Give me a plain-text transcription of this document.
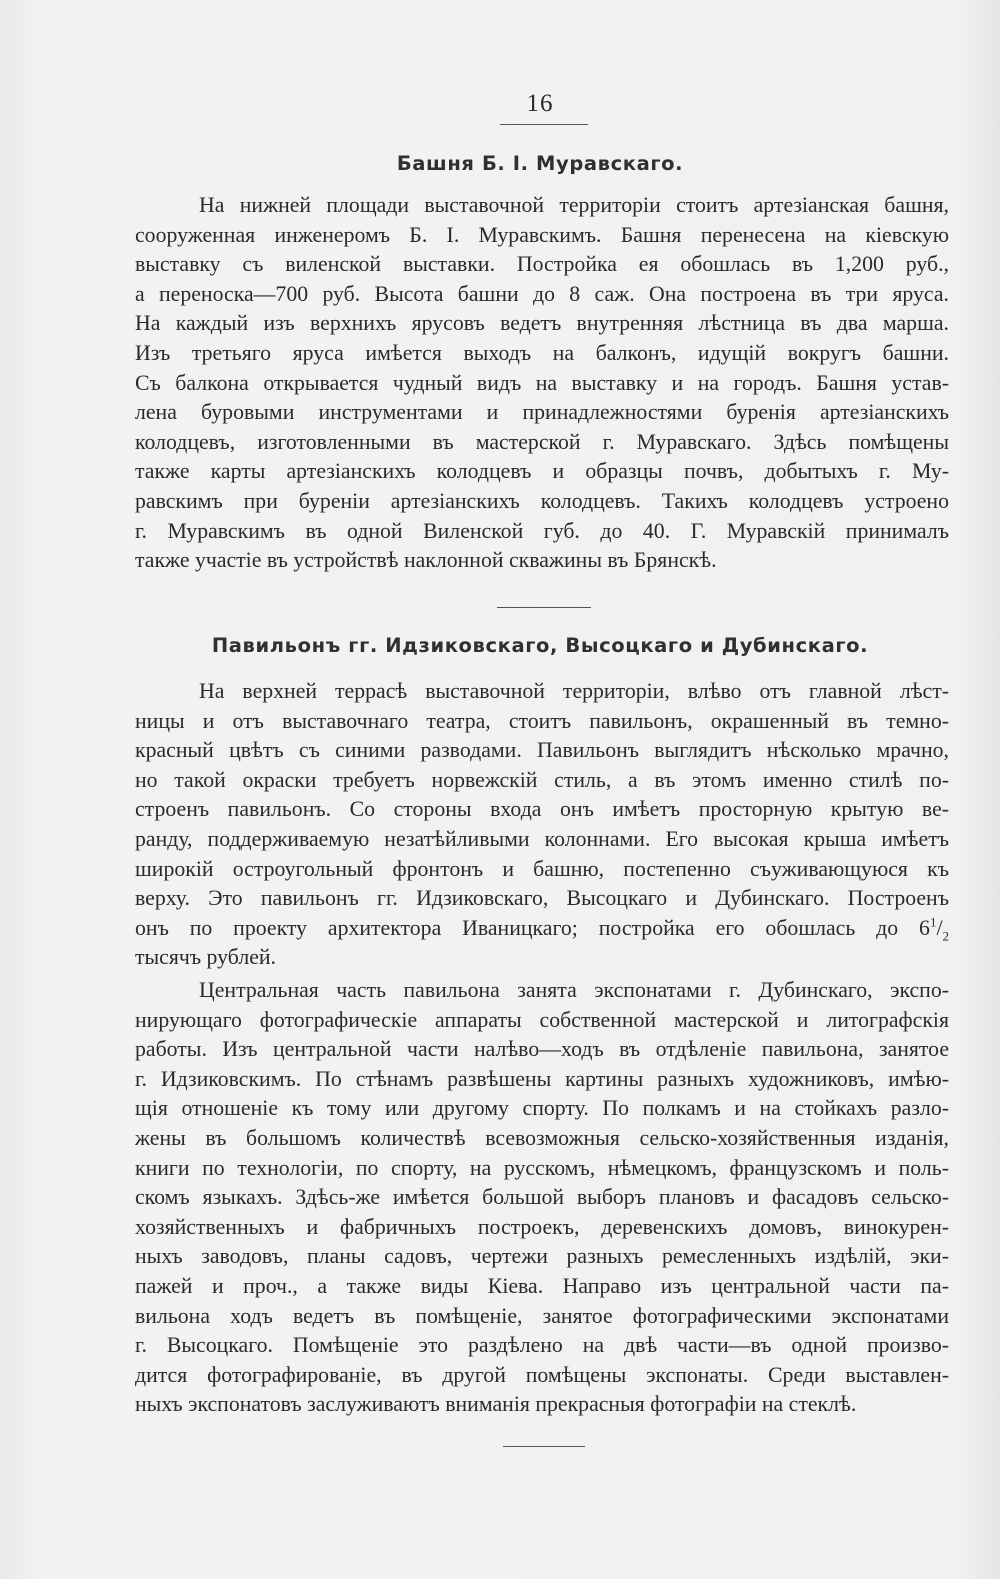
16
Башня Б. I. Муравскаго.
На нижней площади выставочной территорiи стоитъ артезiанская башня,
сооруженная инженеромъ Б. I. Муравскимъ. Башня перенесена на кiевскую
выставку съ виленской выставки. Постройка ея обошлась въ 1,200 руб.,
а переноска—700 руб. Высота башни до 8 саж. Она построена въ три яруса.
На каждый изъ верхнихъ ярусовъ ведетъ внутренняя лѣстница въ два марша.
Изъ третьяго яруса имѣется выходъ на балконъ, идущiй вокругъ башни.
Съ балкона открывается чудный видъ на выставку и на городъ. Башня устав-
лена буровыми инструментами и принадлежностями буренiя артезiанскихъ
колодцевъ, изготовленными въ мастерской г. Муравскаго. Здѣсь помѣщены
также карты артезiанскихъ колодцевъ и образцы почвъ, добытыхъ г. Му-
равскимъ при буренiи артезiанскихъ колодцевъ. Такихъ колодцевъ устроено
г. Муравскимъ въ одной Виленской губ. до 40. Г. Муравскiй принималъ
также участiе въ устройствѣ наклонной скважины въ Брянскѣ.
Павильонъ гг. Идзиковскаго, Высоцкаго и Дубинскаго.
На верхней террасѣ выставочной территорiи, влѣво отъ главной лѣст-
ницы и отъ выставочнаго театра, стоитъ павильонъ, окрашенный въ темно-
красный цвѣтъ съ синими разводами. Павильонъ выглядитъ нѣсколько мрачно,
но такой окраски требуетъ норвежскiй стиль, а въ этомъ именно стилѣ по-
строенъ павильонъ. Со стороны входа онъ имѣетъ просторную крытую ве-
ранду, поддерживаемую незатѣйливыми колоннами. Его высокая крыша имѣетъ
широкiй остроугольный фронтонъ и башню, постепенно съуживающуюся къ
верху. Это павильонъ гг. Идзиковскаго, Высоцкаго и Дубинскаго. Построенъ
онъ по проекту архитектора Иваницкаго; постройка его обошлась до $6^1/_2$
тысячъ рублей.
Центральная часть павильона занята экспонатами г. Дубинскаго, экспо-
нирующаго фотографическiе аппараты собственной мастерской и литографскiя
работы. Изъ центральной части налѣво—ходъ въ отдѣленiе павильона, занятое
г. Идзиковскимъ. По стѣнамъ развѣшены картины разныхъ художниковъ, имѣю-
щiя отношенiе къ тому или другому спорту. По полкамъ и на стойкахъ разло-
жены въ большомъ количествѣ всевозможныя сельско-хозяйственныя изданiя,
книги по технологiи, по спорту, на русскомъ, нѣмецкомъ, французскомъ и поль-
скомъ языкахъ. Здѣсь-же имѣется большой выборъ плановъ и фасадовъ сельско-
хозяйственныхъ и фабричныхъ построекъ, деревенскихъ домовъ, винокурен-
ныхъ заводовъ, планы садовъ, чертежи разныхъ ремесленныхъ издѣлiй, эки-
пажей и проч., а также виды Кiева. Направо изъ центральной части па-
вильона ходъ ведетъ въ помѣщенiе, занятое фотографическими экспонатами
г. Высоцкаго. Помѣщенiе это раздѣлено на двѣ части—въ одной произво-
дится фотографированiе, въ другой помѣщены экспонаты. Среди выставлен-
ныхъ экспонатовъ заслуживаютъ вниманiя прекрасныя фотографiи на стеклѣ.
